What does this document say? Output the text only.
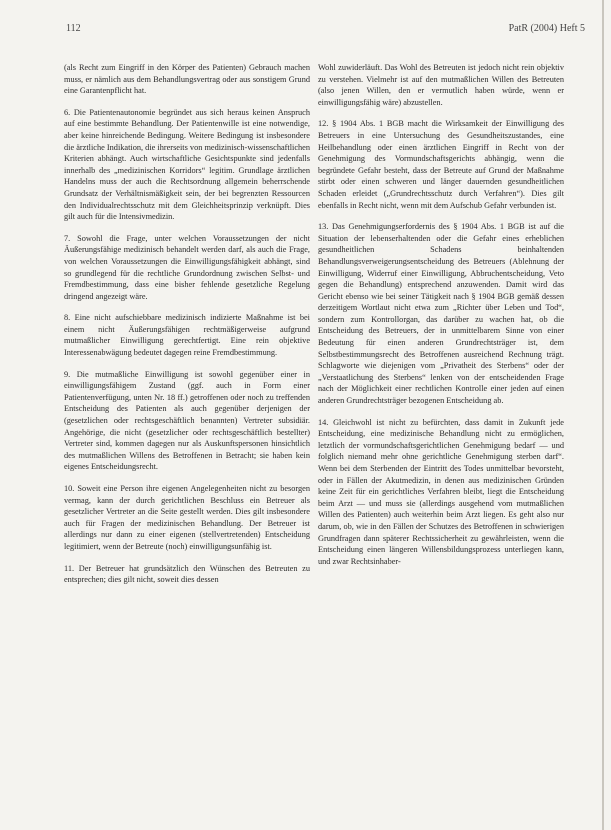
112	PatR (2004) Heft 5

(als Recht zum Eingriff in den Körper des Patienten) Gebrauch machen muss, er nämlich aus dem Behandlungsvertrag oder aus sonstigem Grund eine Garantenpflicht hat.

6. Die Patientenautonomie begründet aus sich heraus keinen Anspruch auf eine bestimmte Behandlung. Der Patientenwille ist eine notwendige, aber keine hinreichende Bedingung. Weitere Bedingung ist insbesondere die ärztliche Indikation, die ihrerseits von medizinisch-wissenschaftlichen Kriterien abhängt. Auch wirtschaftliche Gesichtspunkte sind jedenfalls innerhalb des „medizinischen Korridors“ legitim. Grundlage ärztlichen Handelns muss der auch die Rechtsordnung allgemein beherrschende Grundsatz der Verhältnismäßigkeit sein, der bei begrenzten Ressourcen den Individualrechtsschutz mit dem Gleichheitsprinzip verknüpft. Dies gilt auch für die Intensivmedizin.

7. Sowohl die Frage, unter welchen Voraussetzungen der nicht Äußerungsfähige medizinisch behandelt werden darf, als auch die Frage, von welchen Voraussetzungen die Einwilligungsfähigkeit abhängt, sind so grundlegend für die rechtliche Grundordnung zwischen Selbst- und Fremdbestimmung, dass eine bisher fehlende gesetzliche Regelung dringend angezeigt wäre.

8. Eine nicht aufschiebbare medizinisch indizierte Maßnahme ist bei einem nicht Äußerungsfähigen rechtmäßigerweise aufgrund mutmaßlicher Einwilligung gerechtfertigt. Eine rein objektive Interessenabwägung bedeutet dagegen reine Fremdbestimmung.

9. Die mutmaßliche Einwilligung ist sowohl gegenüber einer in einwilligungsfähigem Zustand (ggf. auch in Form einer Patientenverfügung, unten Nr. 18 ff.) getroffenen oder noch zu treffenden Entscheidung des Patienten als auch gegenüber derjenigen der (gesetzlichen oder rechtsgeschäftlich benannten) Vertreter subsidiär. Angehörige, die nicht (gesetzlicher oder rechtsgeschäftlich bestellter) Vertreter sind, kommen dagegen nur als Auskunftspersonen hinsichtlich des mutmaßlichen Willens des Betroffenen in Betracht; sie haben kein eigenes Entscheidungsrecht.

10. Soweit eine Person ihre eigenen Angelegenheiten nicht zu besorgen vermag, kann der durch gerichtlichen Beschluss ein Betreuer als gesetzlicher Vertreter an die Seite gestellt werden. Dies gilt insbesondere auch für Fragen der medizinischen Behandlung. Der Betreuer ist allerdings nur dann zu einer eigenen (stellvertretenden) Entscheidung legitimiert, wenn der Betreute (noch) einwilligungsunfähig ist.

11. Der Betreuer hat grundsätzlich den Wünschen des Betreuten zu entsprechen; dies gilt nicht, soweit dies dessen

Wohl zuwiderläuft. Das Wohl des Betreuten ist jedoch nicht rein objektiv zu verstehen. Vielmehr ist auf den mutmaßlichen Willen des Betreuten (also jenen Willen, den er vermutlich haben würde, wenn er einwilligungsfähig wäre) abzustellen.

12. § 1904 Abs. 1 BGB macht die Wirksamkeit der Einwilligung des Betreuers in eine Untersuchung des Gesundheitszustandes, eine Heilbehandlung oder einen ärztlichen Eingriff in Recht von der Genehmigung des Vormundschaftsgerichts abhängig, wenn die begründete Gefahr besteht, dass der Betreute auf Grund der Maßnahme stirbt oder einen schweren und länger dauernden gesundheitlichen Schaden erleidet („Grundrechtsschutz durch Verfahren“). Dies gilt ebenfalls in Recht nicht, wenn mit dem Aufschub Gefahr verbunden ist.

13. Das Genehmigungserfordernis des § 1904 Abs. 1 BGB ist auf die Situation der lebenserhaltenden oder die Gefahr eines erheblichen gesundheitlichen Schadens beinhaltenden Behandlungsverweigerungsentscheidung des Betreuers (Ablehnung der Einwilligung, Widerruf einer Einwilligung, Abbruchentscheidung, Veto gegen die Behandlung) entsprechend anzuwenden. Damit wird das Gericht ebenso wie bei seiner Tätigkeit nach § 1904 BGB gemäß dessen derzeitigem Wortlaut nicht etwa zum „Richter über Leben und Tod“, sondern zum Kontrollorgan, das darüber zu wachen hat, ob die Entscheidung des Betreuers, der in unmittelbarem Sinne von einer Bedeutung für einen anderen Grundrechtsträger ist, dem Selbstbestimmungsrecht des Betroffenen ausreichend Rechnung trägt. Schlagworte wie diejenigen vom „Privatheit des Sterbens“ oder der „Verstaatlichung des Sterbens“ lenken von der entscheidenden Frage nach der Möglichkeit einer rechtlichen Kontrolle einer jeden auf einen anderen Grundrechtsträger bezogenen Entscheidung ab.

14. Gleichwohl ist nicht zu befürchten, dass damit in Zukunft jede Entscheidung, eine medizinische Behandlung nicht zu ermöglichen, letztlich der vormundschaftsgerichtlichen Genehmigung bedarf — und folglich niemand mehr ohne gerichtliche Genehmigung sterben darf“. Wenn bei dem Sterbenden der Eintritt des Todes unmittelbar bevorsteht, oder in Fällen der Akutmedizin, in denen aus medizinischen Gründen keine Zeit für ein gerichtliches Verfahren bleibt, liegt die Entscheidung beim Arzt — und muss sie (allerdings ausgehend vom mutmaßlichen Willen des Patienten) auch weiterhin beim Arzt liegen. Es geht also nur darum, ob, wie in den Fällen der Schutzes des Betroffenen in schwierigen Grundfragen dann späterer Rechtssicherheit zu gewährleisten, wenn die Entscheidung einen längeren Willensbildungsprozess unterliegen kann, und zwar Rechtsinhaber-
